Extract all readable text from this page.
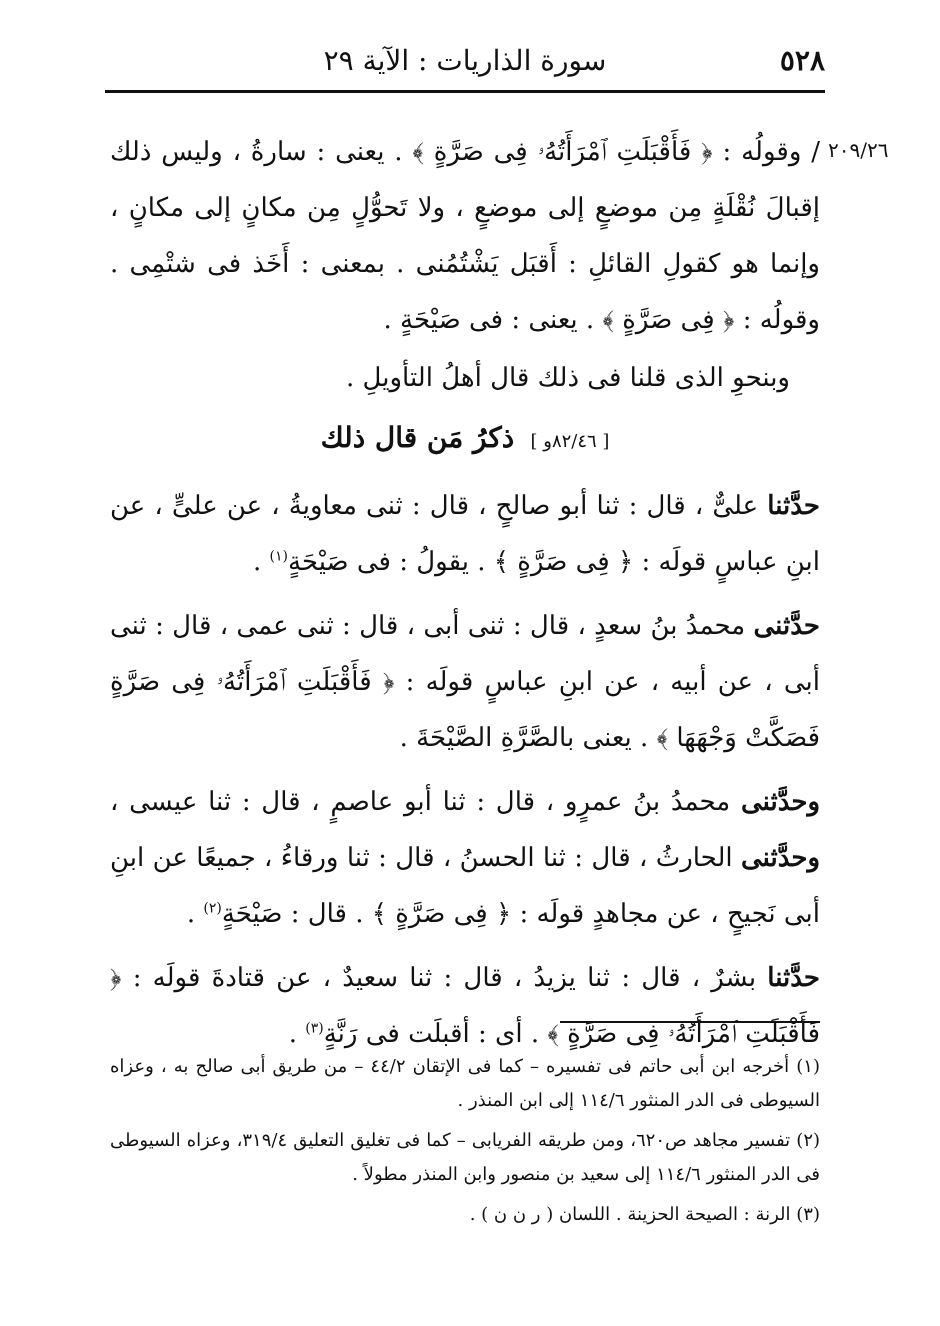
٥٢٨
سورة الذاريات : الآية ٢٩
٢٠٩/٢٦

/ وقولُه : ﴿ فَأَقْبَلَتِ ٱمْرَأَتُهُۥ فِى صَرَّةٍ ﴾ . يعنى : سارةُ ، وليس ذلك إقبالَ نُقْلَةٍ مِن موضعٍ إلى موضعٍ ، ولا تَحوُّلٍ مِن مكانٍ إلى مكانٍ ، وإنما هو كقولِ القائلِ : أَقبَل يَشْتُمُنى . بمعنى : أَخَذ فى شتْمِى . وقولُه : ﴿ فِى صَرَّةٍ ﴾ . يعنى : فى صَيْحَةٍ .

وبنحوِ الذى قلنا فى ذلك قال أهلُ التأويلِ .

[ ٨٢/٤٦و ] ذكرُ مَن قال ذلك

حدَّثنا علىٌّ ، قال : ثنا أبو صالحٍ ، قال : ثنى معاويةُ ، عن علىٍّ ، عن ابنِ عباسٍ قولَه : ﴿ فِى صَرَّةٍ ﴾ . يقولُ : فى صَيْحَةٍ$^{(١)}$ .

حدَّثنى محمدُ بنُ سعدٍ ، قال : ثنى أبى ، قال : ثنى عمى ، قال : ثنى أبى ، عن أبيه ، عن ابنِ عباسٍ قولَه : ﴿ فَأَقْبَلَتِ ٱمْرَأَتُهُۥ فِى صَرَّةٍ فَصَكَّتْ وَجْهَهَا ﴾ . يعنى بالصَّرَّةِ الصَّيْحَةَ .

وحدَّثنى محمدُ بنُ عمرٍو ، قال : ثنا أبو عاصمٍ ، قال : ثنا عيسى ، وحدَّثنى الحارثُ ، قال : ثنا الحسنُ ، قال : ثنا ورقاءُ ، جميعًا عن ابنِ أبى نَجيحٍ ، عن مجاهدٍ قولَه : ﴿ فِى صَرَّةٍ ﴾ . قال : صَيْحَةٍ$^{(٢)}$ .

حدَّثنا بشرٌ ، قال : ثنا يزيدُ ، قال : ثنا سعيدٌ ، عن قتادةَ قولَه : ﴿ فَأَقْبَلَتِ ٱمْرَأَتُهُۥ فِى صَرَّةٍ ﴾ . أى : أقبلَت فى رَنَّةٍ$^{(٣)}$ .

(١) أخرجه ابن أبى حاتم فى تفسيره – كما فى الإتقان ٤٤/٢ – من طريق أبى صالح به ، وعزاه السيوطى فى الدر المنثور ١١٤/٦ إلى ابن المنذر .

(٢) تفسير مجاهد ص٦٢٠، ومن طريقه الفريابى – كما فى تغليق التعليق ٣١٩/٤، وعزاه السيوطى فى الدر المنثور ١١٤/٦ إلى سعيد بن منصور وابن المنذر مطولاً .

(٣) الرنة : الصيحة الحزينة . اللسان ( ر ن ن ) .
